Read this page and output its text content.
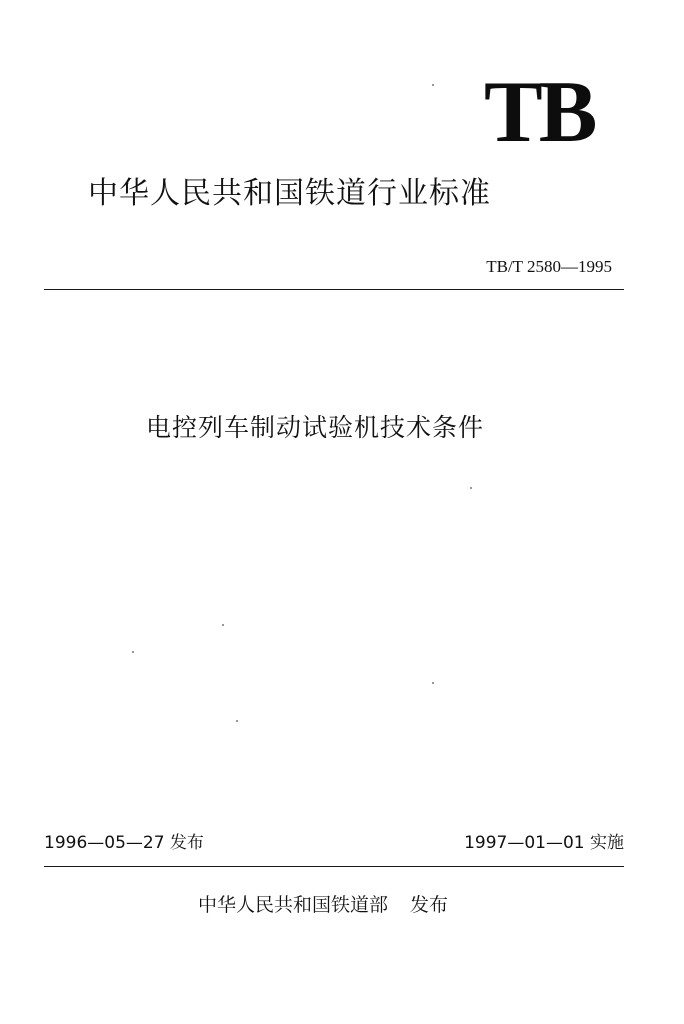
TB
中华人民共和国铁道行业标准
TB/T 2580—1995
电控列车制动试验机技术条件
1996—05—27 发布	1997—01—01 实施
中华人民共和国铁道部 发布
